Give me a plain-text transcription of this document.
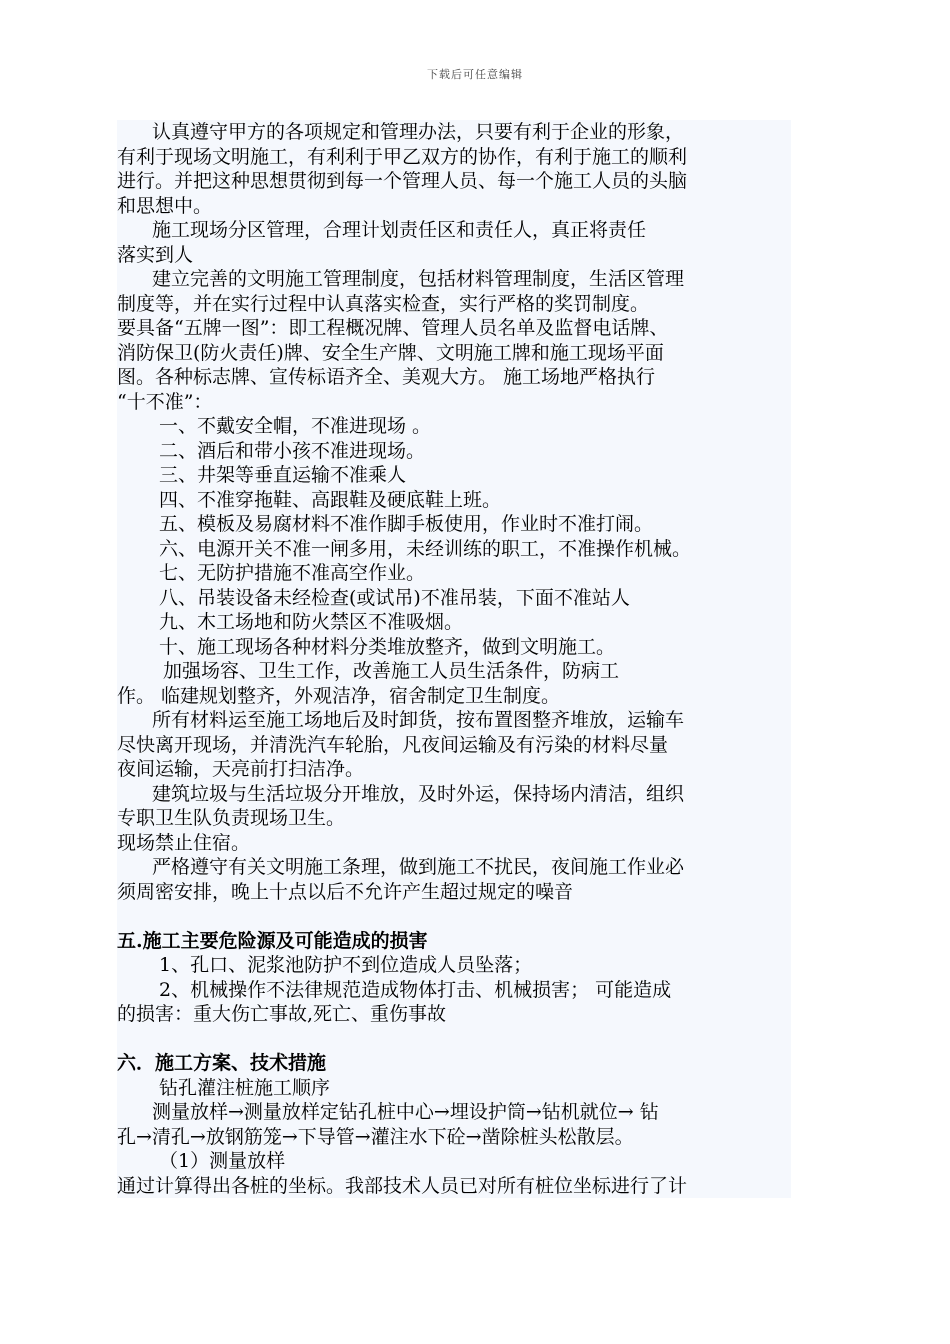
下载后可任意编辑
认真遵守甲方的各项规定和管理办法，只要有利于企业的形象，
有利于现场文明施工，有利利于甲乙双方的协作，有利于施工的顺利
进行。并把这种思想贯彻到每一个管理人员、每一个施工人员的头脑
和思想中。
施工现场分区管理，合理计划责任区和责任人，真正将责任
落实到人
建立完善的文明施工管理制度，包括材料管理制度，生活区管理
制度等，并在实行过程中认真落实检查，实行严格的奖罚制度。
要具备“五牌一图”：即工程概况牌、管理人员名单及监督电话牌、
消防保卫(防火责任)牌、安全生产牌、文明施工牌和施工现场平面
图。各种标志牌、宣传标语齐全、美观大方。 施工场地严格执行
“十不准”：
一、不戴安全帽，不准进现场 。
二、酒后和带小孩不准进现场。
三、井架等垂直运输不准乘人
四、不准穿拖鞋、高跟鞋及硬底鞋上班。
五、模板及易腐材料不准作脚手板使用，作业时不准打闹。
六、电源开关不准一闸多用，未经训练的职工，不准操作机械。
七、无防护措施不准高空作业。
八、吊装设备未经检查(或试吊)不准吊装，下面不准站人
九、木工场地和防火禁区不准吸烟。
十、施工现场各种材料分类堆放整齐，做到文明施工。
加强场容、卫生工作，改善施工人员生活条件，防病工
作。 临建规划整齐，外观洁净，宿舍制定卫生制度。
所有材料运至施工场地后及时卸货，按布置图整齐堆放，运输车
尽快离开现场，并清洗汽车轮胎，凡夜间运输及有污染的材料尽量
夜间运输，天亮前打扫洁净。
建筑垃圾与生活垃圾分开堆放，及时外运，保持场内清洁，组织
专职卫生队负责现场卫生。
现场禁止住宿。
严格遵守有关文明施工条理，做到施工不扰民，夜间施工作业必
须周密安排，晚上十点以后不允许产生超过规定的噪音
五.施工主要危险源及可能造成的损害
1、孔口、泥浆池防护不到位造成人员坠落；
2、机械操作不法律规范造成物体打击、机械损害； 可能造成
的损害：重大伤亡事故,死亡、重伤事故
六．施工方案、技术措施
钻孔灌注桩施工顺序
测量放样→测量放样定钻孔桩中心→埋设护筒→钻机就位→ 钻
孔→清孔→放钢筋笼→下导管→灌注水下砼→凿除桩头松散层。
（1）测量放样
通过计算得出各桩的坐标。我部技术人员已对所有桩位坐标进行了计
